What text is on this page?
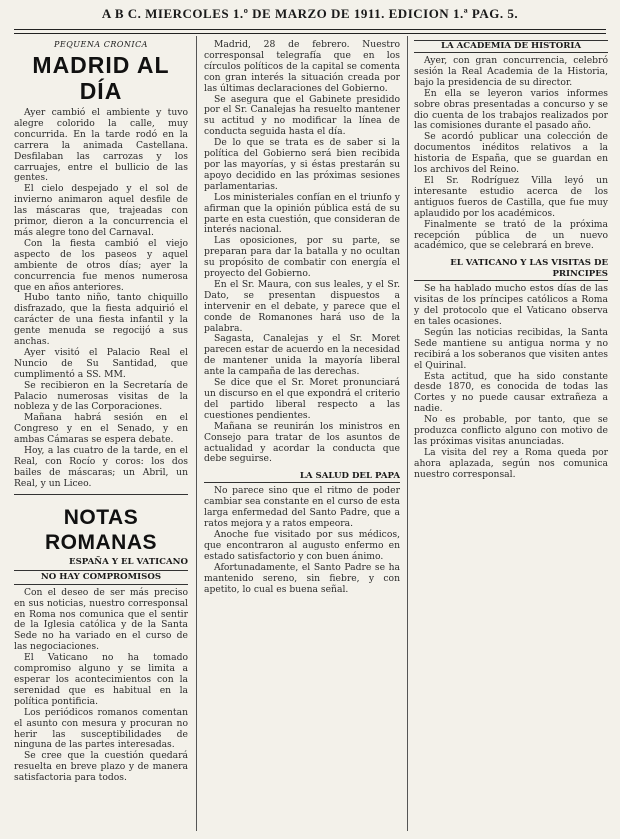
A B C. MIERCOLES 1.º DE MARZO DE 1911. EDICION 1.ª PAG. 5.
PEQUEÑA CRÓNICA
MADRID AL DÍA

Ayer cambió el ambiente y tuvo alegre colorido la calle, muy concurrida. En la tarde rodó en la carrera la animada Castellana. Desfilaban las carrozas y los carruajes, entre el bullicio de las gentes.

El cielo despejado y el sol de invierno animaron aquel desfile de las máscaras que, trajeadas con primor, dieron a la concurrencia el más alegre tono del Carnaval.

Con la fiesta cambió el viejo aspecto de los paseos y aquel ambiente de otros días; ayer la concurrencia fue menos numerosa que en años anteriores.

Hubo tanto niño, tanto chiquillo disfrazado, que la fiesta adquirió el carácter de una fiesta infantil y la gente menuda se regocijó a sus anchas.

Ayer visitó el Palacio Real el Nuncio de Su Santidad, que cumplimentó a SS. MM.

Se recibieron en la Secretaría de Palacio numerosas visitas de la nobleza y de las Corporaciones.

Mañana habrá sesión en el Congreso y en el Senado, y en ambas Cámaras se espera debate.

Hoy, a las cuatro de la tarde, en el Real, con Rocío y coros: los dos bailes de máscaras; un Abril, un Real, y un Liceo.

NOTAS ROMANAS
ESPAÑA Y EL VATICANO
NO HAY COMPROMISOS

Con el deseo de ser más preciso en sus noticias, nuestro corresponsal en Roma nos comunica que el sentir de la Iglesia católica y de la Santa Sede no ha variado en el curso de las negociaciones.

El Vaticano no ha tomado compromiso alguno y se limita a esperar los acontecimientos con la serenidad que es habitual en la política pontificia.

Los periódicos romanos comentan el asunto con mesura y procuran no herir las susceptibilidades de ninguna de las partes interesadas.

Se cree que la cuestión quedará resuelta en breve plazo y de manera satisfactoria para todos.

Madrid, 28 de febrero. Nuestro corresponsal telegrafía que en los círculos políticos de la capital se comenta con gran interés la situación creada por las últimas declaraciones del Gobierno.

Se asegura que el Gabinete presidido por el Sr. Canalejas ha resuelto mantener su actitud y no modificar la línea de conducta seguida hasta el día.

De lo que se trata es de saber si la política del Gobierno será bien recibida por las mayorías, y si éstas prestarán su apoyo decidido en las próximas sesiones parlamentarias.

Los ministeriales confían en el triunfo y afirman que la opinión pública está de su parte en esta cuestión, que consideran de interés nacional.

Las oposiciones, por su parte, se preparan para dar la batalla y no ocultan su propósito de combatir con energía el proyecto del Gobierno.

En el Sr. Maura, con sus leales, y el Sr. Dato, se presentan dispuestos a intervenir en el debate, y parece que el conde de Romanones hará uso de la palabra.

Sagasta, Canalejas y el Sr. Moret parecen estar de acuerdo en la necesidad de mantener unida la mayoría liberal ante la campaña de las derechas.

Se dice que el Sr. Moret pronunciará un discurso en el que expondrá el criterio del partido liberal respecto a las cuestiones pendientes.

Mañana se reunirán los ministros en Consejo para tratar de los asuntos de actualidad y acordar la conducta que debe seguirse.

LA SALUD DEL PAPA

No parece sino que el ritmo de poder cambiar sea constante en el curso de esta larga enfermedad del Santo Padre, que a ratos mejora y a ratos empeora.

Anoche fue visitado por sus médicos, que encontraron al augusto enfermo en estado satisfactorio y con buen ánimo.

Afortunadamente, el Santo Padre se ha mantenido sereno, sin fiebre, y con apetito, lo cual es buena señal.

LA ACADEMIA DE HISTORIA

Ayer, con gran concurrencia, celebró sesión la Real Academia de la Historia, bajo la presidencia de su director.

En ella se leyeron varios informes sobre obras presentadas a concurso y se dio cuenta de los trabajos realizados por las comisiones durante el pasado año.

Se acordó publicar una colección de documentos inéditos relativos a la historia de España, que se guardan en los archivos del Reino.

El Sr. Rodríguez Villa leyó un interesante estudio acerca de los antiguos fueros de Castilla, que fue muy aplaudido por los académicos.

Finalmente se trató de la próxima recepción pública de un nuevo académico, que se celebrará en breve.

EL VATICANO Y LAS VISITAS DE PRINCIPES

Se ha hablado mucho estos días de las visitas de los príncipes católicos a Roma y del protocolo que el Vaticano observa en tales ocasiones.

Según las noticias recibidas, la Santa Sede mantiene su antigua norma y no recibirá a los soberanos que visiten antes el Quirinal.

Esta actitud, que ha sido constante desde 1870, es conocida de todas las Cortes y no puede causar extrañeza a nadie.

No es probable, por tanto, que se produzca conflicto alguno con motivo de las próximas visitas anunciadas.

La visita del rey a Roma queda por ahora aplazada, según nos comunica nuestro corresponsal.
